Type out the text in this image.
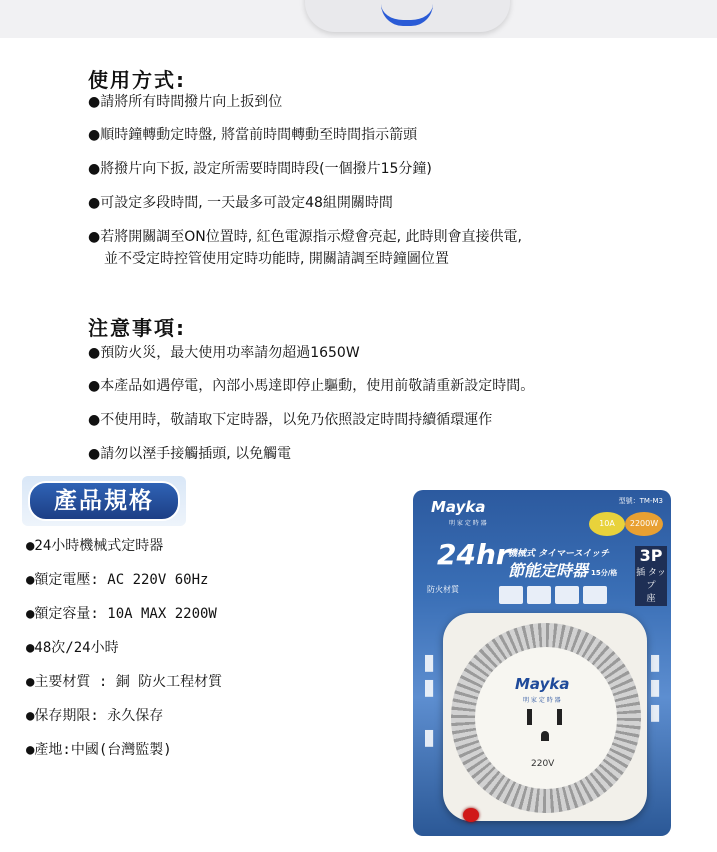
使用方式:
●請將所有時間撥片向上扳到位
●順時鐘轉動定時盤, 將當前時間轉動至時間指示箭頭
●將撥片向下扳, 設定所需要時間時段(一個撥片15分鐘)
●可設定多段時間, 一天最多可設定48組開關時間
●若將開關調至ON位置時, 紅色電源指示燈會亮起, 此時則會直接供電,
並不受定時控管使用定時功能時, 開關請調至時鐘圖位置
注意事項:
●預防火災，最大使用功率請勿超過1650W
●本產品如遇停電，內部小馬達即停止驅動，使用前敬請重新設定時間。
●不使用時，敬請取下定時器，以免乃依照設定時間持續循環運作
●請勿以溼手接觸插頭, 以免觸電
產品規格
●24小時機械式定時器
●額定電壓: AC 220V 60Hz
●額定容量: 10A MAX 2200W
●48次/24小時
●主要材質 : 銅 防火工程材質
●保存期限: 永久保存
●產地:中國(台灣監製)
Mayka
明 家 定 時 器
型號：TM-M3
10A	2200W
24hr
機械式 タイマースイッチ
節能定時器 15分/格
3P
插 タップ
座
防火材質
▮
▮

▮
▮
▮
▮
Mayka
明 家 定 時 器
220V
